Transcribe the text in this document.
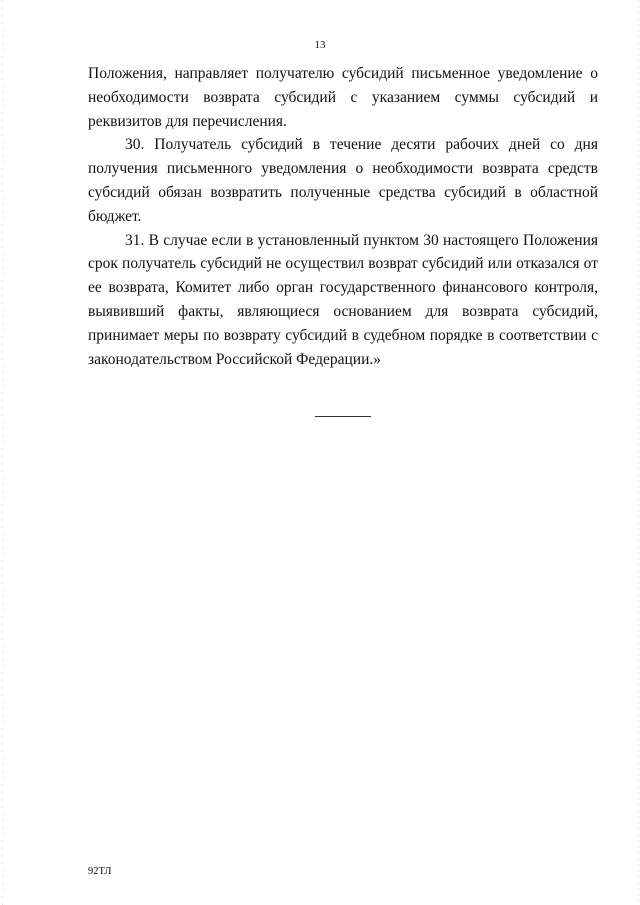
13

Положения, направляет получателю субсидий письменное уведомление о необходимости возврата субсидий с указанием суммы субсидий и реквизитов для перечисления.

30. Получатель субсидий в течение десяти рабочих дней со дня получения письменного уведомления о необходимости возврата средств субсидий обязан возвратить полученные средства субсидий в областной бюджет.

31. В случае если в установленный пунктом 30 настоящего Положения срок получатель субсидий не осуществил возврат субсидий или отказался от ее возврата, Комитет либо орган государственного финансового контроля, выявивший факты, являющиеся основанием для возврата субсидий, принимает меры по возврату субсидий в судебном порядке в соответствии с законодательством Российской Федерации.»

92ТЛ
